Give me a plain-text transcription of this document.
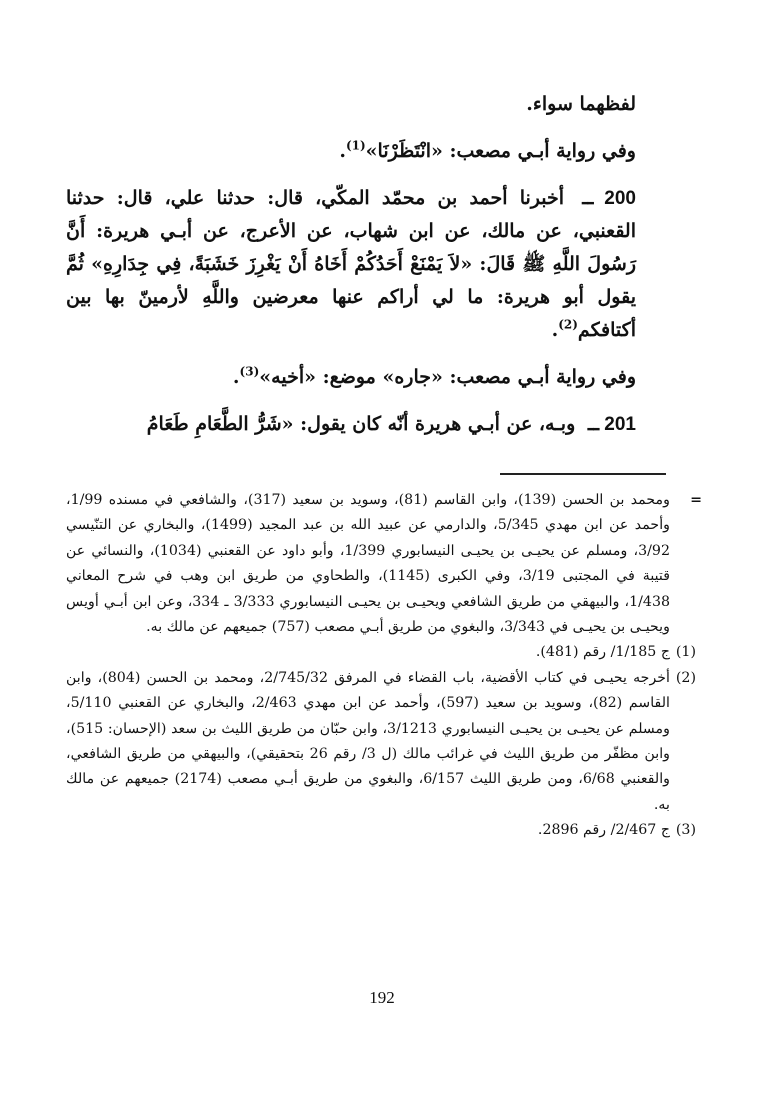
لفظهما سواء.

وفي رواية أبـي مصعب: «انْتَظَرْنَا»$^{(1)}$.

200 ــ أخبرنا أحمد بن محمّد المكّي، قال: حدثنا علي، قال: حدثنا القعنبي، عن مالك، عن ابن شهاب، عن الأعرج، عن أبـي هريرة: أَنَّ رَسُولَ اللَّهِ ﷺ قَالَ: «لاَ يَمْنَعْ أَحَدُكُمْ أَخَاهُ أَنْ يَغْرِزَ خَشَبَةً، فِي جِدَارِهِ» ثُمَّ يقول أبو هريرة: ما لي أراكم عنها معرضين واللَّهِ لأرمينّ بها بين أكتافكم$^{(2)}$.

وفي رواية أبـي مصعب: «جاره» موضع: «أخيه»$^{(3)}$.

201 ــ وبـه، عن أبـي هريرة أنّه كان يقول: «شَرُّ الطَّعَامِ طَعَامُ

=
ومحمد بن الحسن (139)، وابن القاسم (81)، وسويد بن سعيد (317)، والشافعي في مسنده 1/99، وأحمد عن ابن مهدي 5/345، والدارمي عن عبيد الله بن عبد المجيد (1499)، والبخاري عن التنّيسي 3/92، ومسلم عن يحيـى بن يحيـى النيسابوري 1/399، وأبو داود عن القعنبي (1034)، والنسائي عن قتيبة في المجتبى 3/19، وفي الكبرى (1145)، والطحاوي من طريق ابن وهب في شرح المعاني 1/438، والبيهقي من طريق الشافعي ويحيـى بن يحيـى النيسابوري 3/333 ـ 334، وعن ابن أبـي أويس ويحيـى بن يحيـى في 3/343، والبغوي من طريق أبـي مصعب (757) جميعهم عن مالك به.
(1)
ج 1/185/ رقم (481).
(2)
أخرجه يحيـى في كتاب الأقضية، باب القضاء في المرفق 2/745/32، ومحمد بن الحسن (804)، وابن القاسم (82)، وسويد بن سعيد (597)، وأحمد عن ابن مهدي 2/463، والبخاري عن القعنبي 5/110، ومسلم عن يحيـى بن يحيـى النيسابوري 3/1213، وابن حبّان من طريق الليث بن سعد (الإحسان: 515)، وابن مظفّر من طريق الليث في غرائب مالك (ل 3/ رقم 26 بتحقيقي)، والبيهقي من طريق الشافعي، والقعنبي 6/68، ومن طريق الليث 6/157، والبغوي من طريق أبـي مصعب (2174) جميعهم عن مالك به.
(3)
ج 2/467/ رقم 2896.
192
